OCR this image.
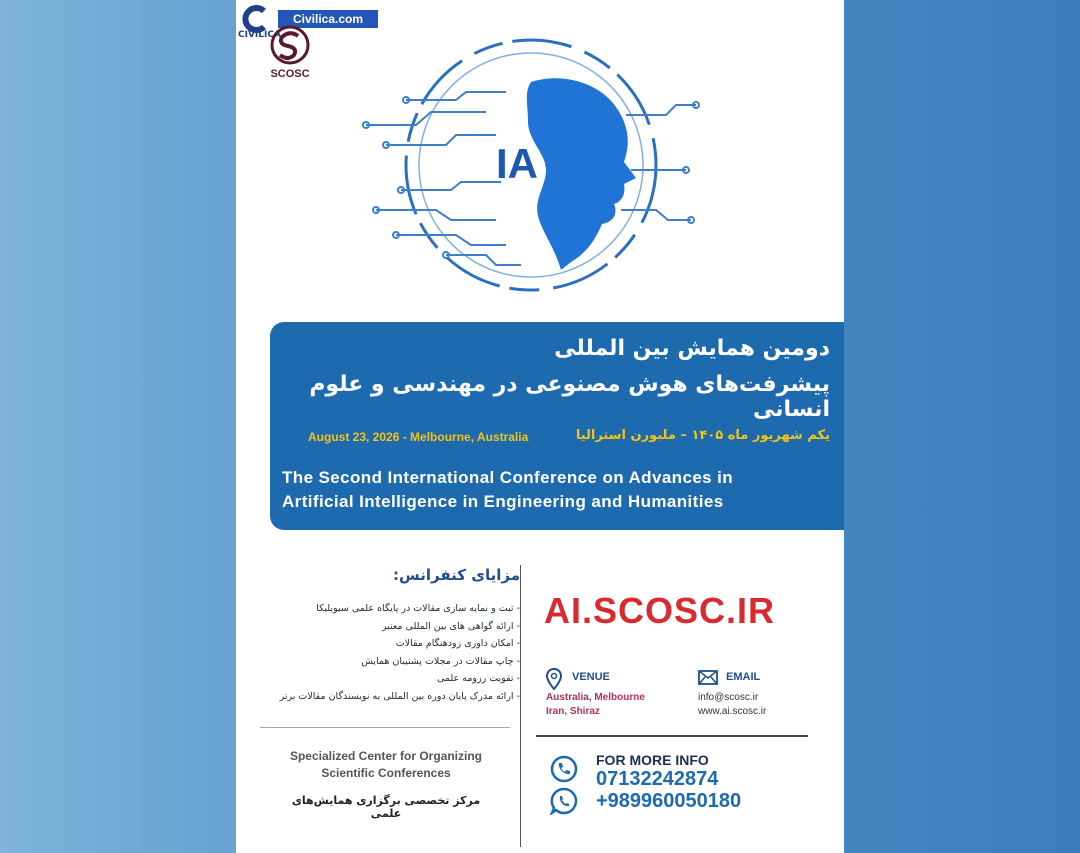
CIVILICA
Civilica.com
SCOSC
IA
دومین همایش بین المللی
پیشرفت‌های هوش مصنوعی در مهندسی و علوم انسانی
August 23, 2026 - Melbourne, Australia	یکم شهریور ماه ۱۴۰۵ – ملبورن استرالیا
The Second International Conference on Advances in
Artificial Intelligence in Engineering and Humanities
مزایای کنفرانس:
- ثبت و نمایه سازی مقالات در پایگاه علمی سیویلیکا
- ارائه گواهی های بین المللی معتبر
- امکان داوری زودهنگام مقالات
- چاپ مقالات در مجلات پشتیبان همایش
- تقویت رزومه علمی
- ارائه مدرک پایان دوره بین المللی به نویسندگان مقالات برتر
Specialized Center for Organizing
Scientific Conferences
مرکز تخصصی برگزاری همایش‌های علمی
AI.SCOSC.IR
VENUE
Australia, Melbourne
Iran, Shiraz
EMAIL
info@scosc.ir
www.ai.scosc.ir
FOR MORE INFO
07132242874
+989960050180
